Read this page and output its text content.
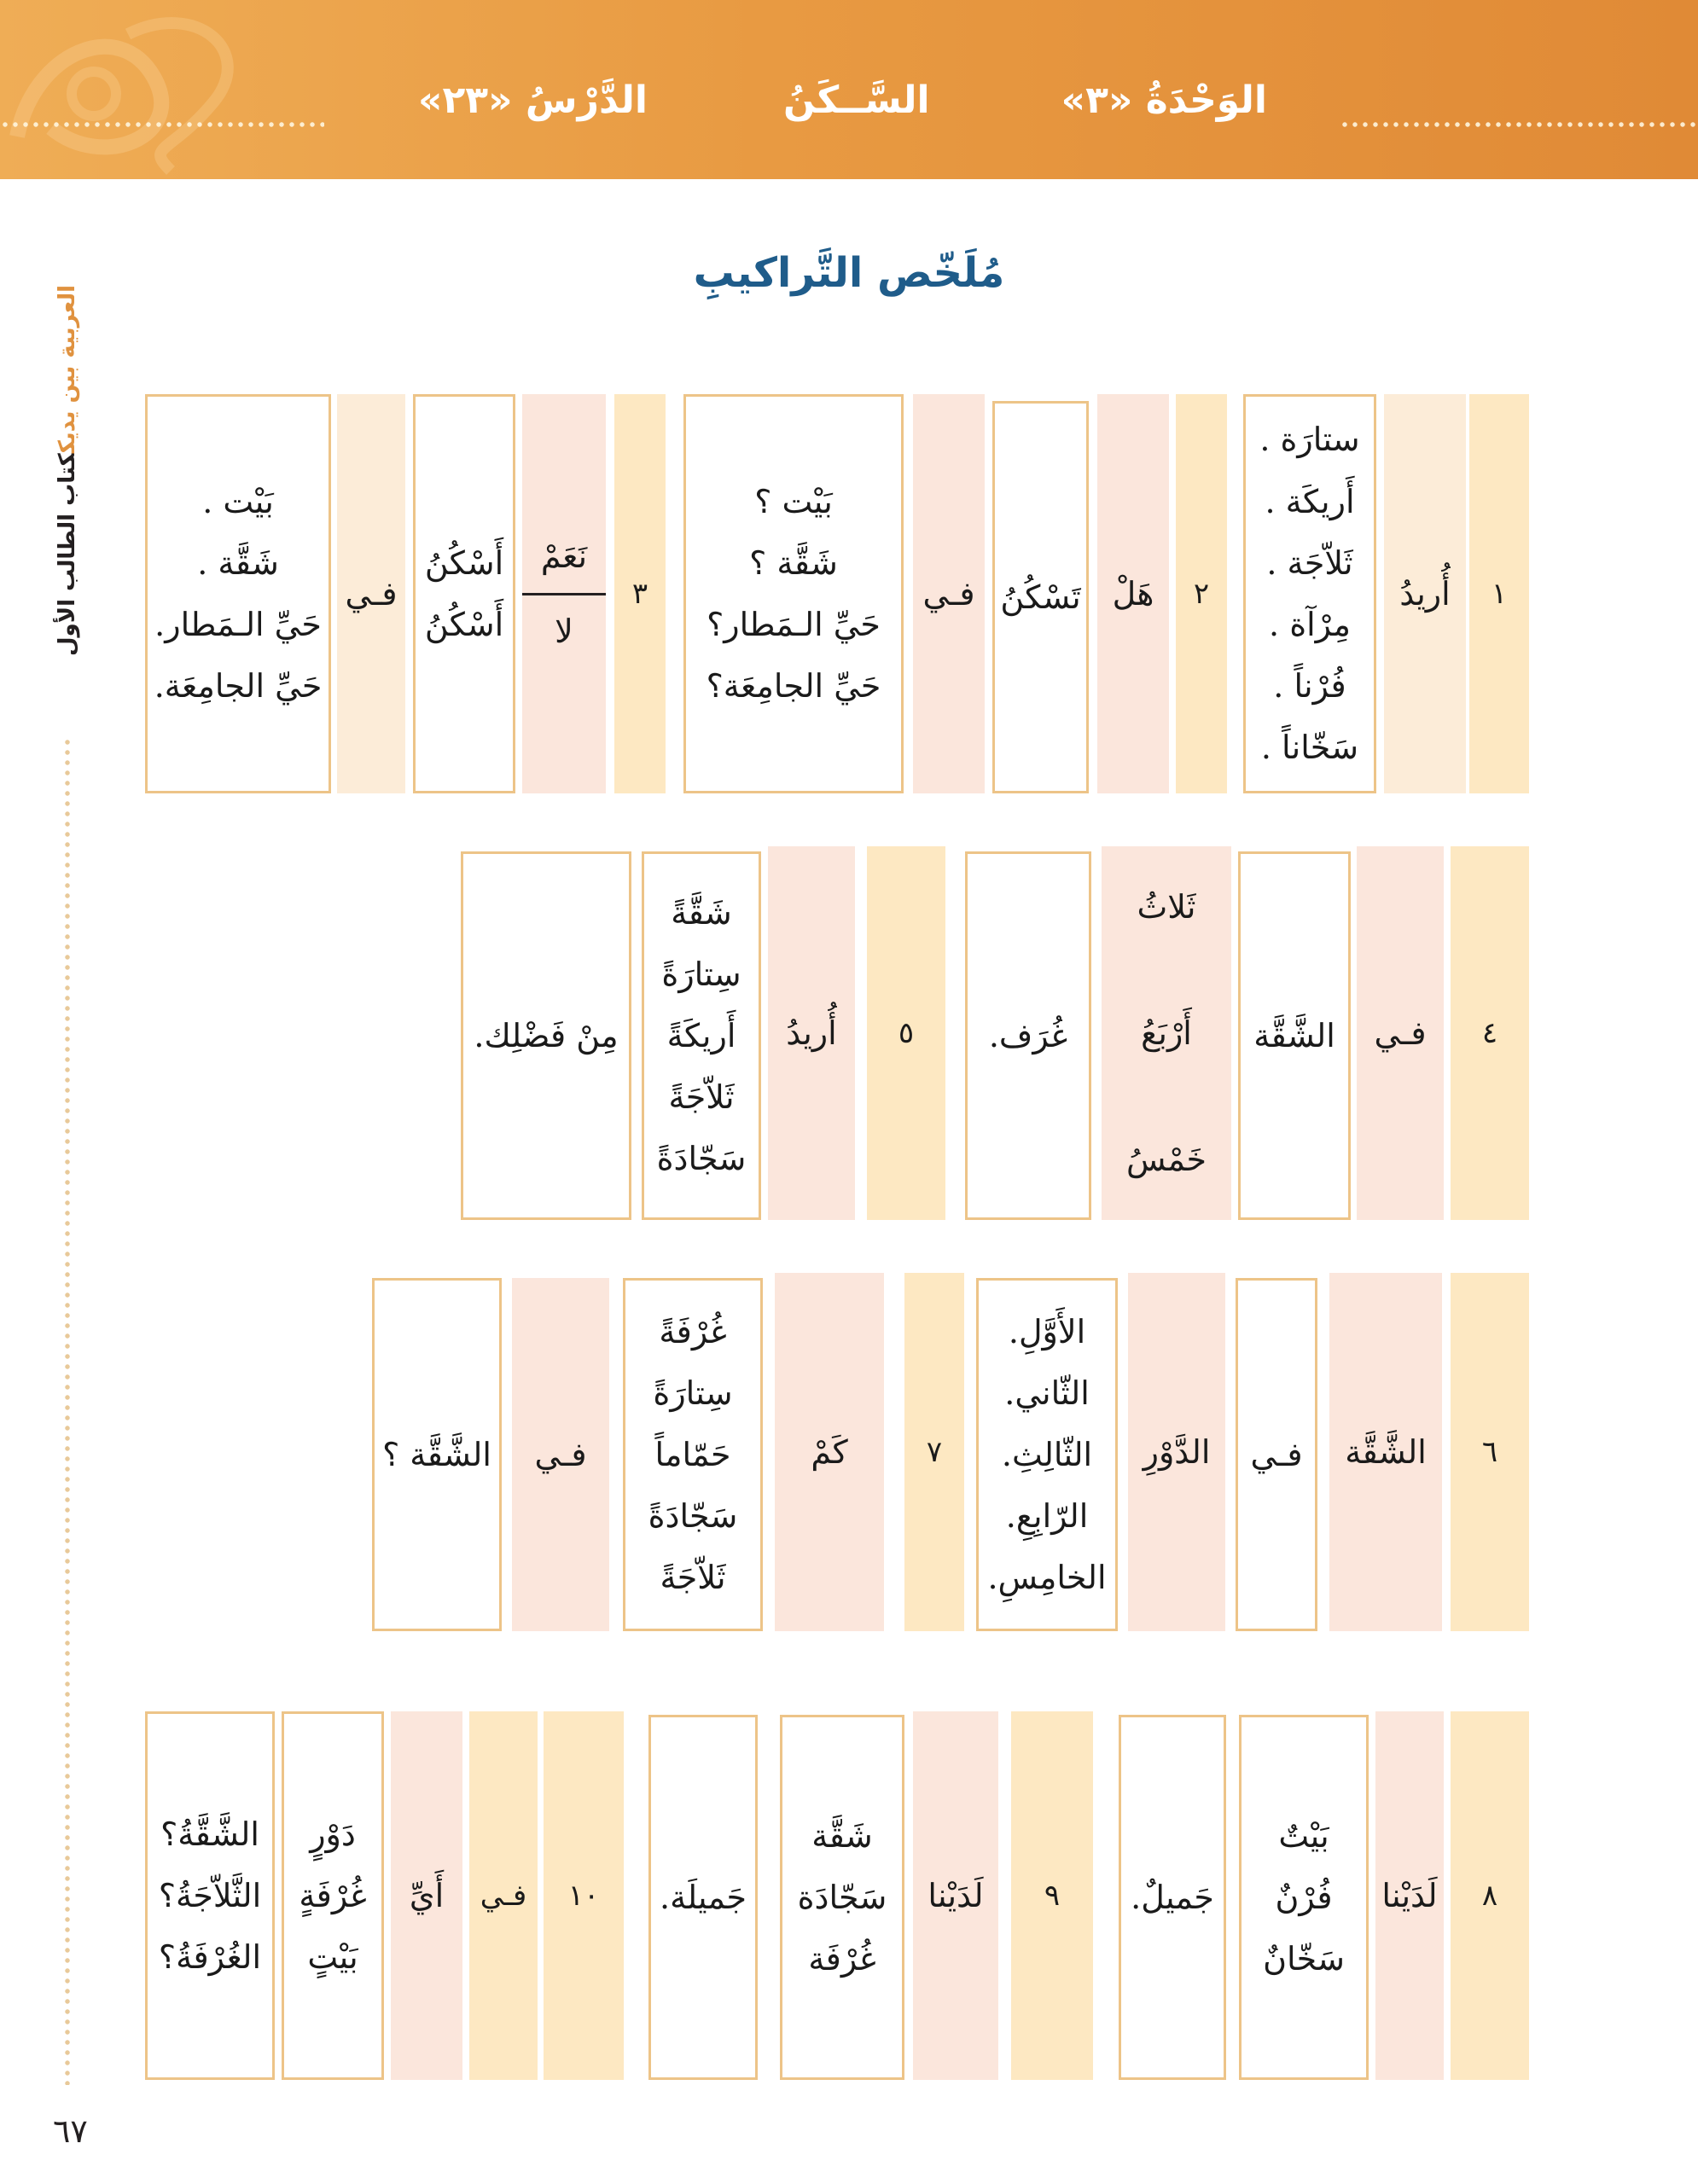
الوَحْدَةُ «٣»
السَّــكَنُ
الدَّرْسُ «٢٣»
مُلَخّص التَّراكيبِ
العربية بين يديككتاب الطالب الأول
٦٧
١
أُريدُ
ستارَة .
أَريكَة .
ثَلاّجَة .
مِرْآة .
فُرْناً .
سَخّاناً .
٢
هَلْ
تَسْكُنُ
فـي
بَيْت ؟
شَقَّة ؟
حَيِّ الـمَطار؟
حَيِّ الجامِعَة؟
٣
نَعَمْ
لا
أَسْكُنُ
أَسْكُنُ
فـي
بَيْت .
شَقَّة .
حَيِّ الـمَطار.
حَيِّ الجامِعَة.
٤
فـي
الشَّقَّة
ثَلاثُ
أَرْبَعُ
خَمْسُ
غُرَف.
٥
أُريدُ
شَقَّةً
سِتارَةً
أَريكَةً
ثَلاّجَةً
سَجّادَةً
مِنْ فَضْلِك.
٦
الشَّقَّة
فـي
الدَّوْرِ
الأَوَّلِ.
الثّاني.
الثّالِثِ.
الرّابِعِ.
الخامِسِ.
٧
كَمْ
غُرْفَةً
سِتارَةً
حَمّاماً
سَجّادَةً
ثَلاّجَةً
فـي
الشَّقَّة ؟
٨
لَدَيْنا
بَيْتٌ
فُرْنٌ
سَخّانٌ
جَميلٌ.
٩
لَدَيْنا
شَقَّة
سَجّادَة
غُرْفَة
جَميلَة.
١٠
فـي
أَيِّ
دَوْرٍ
غُرْفَةٍ
بَيْتٍ
الشَّقَّةُ؟
الثَّلاّجَةُ؟
الغُرْفَةُ؟
